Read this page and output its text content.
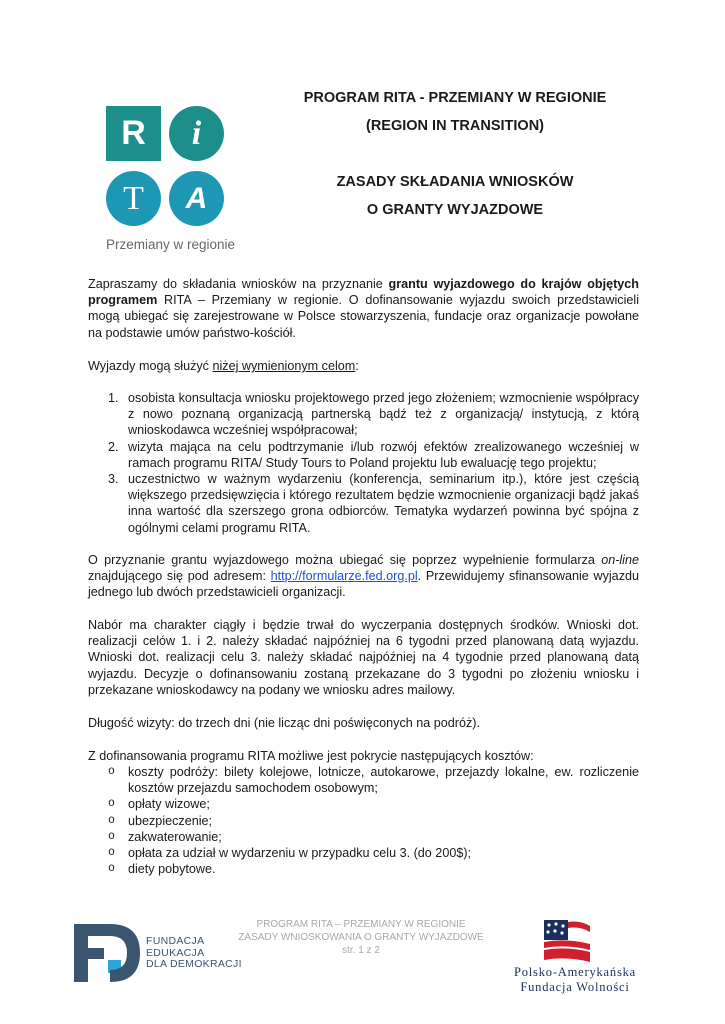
R	i
T	A
Przemiany w regionie
PROGRAM RITA - PRZEMIANY W REGIONIE
(REGION IN TRANSITION)
ZASADY SKŁADANIA WNIOSKÓW
O GRANTY WYJAZDOWE
Zapraszamy do składania wniosków na przyznanie grantu wyjazdowego do krajów objętych programem RITA – Przemiany w regionie. O dofinansowanie wyjazdu swoich przedstawicieli mogą ubiegać się zarejestrowane w Polsce stowarzyszenia, fundacje oraz organizacje powołane na podstawie umów państwo-kościół.
Wyjazdy mogą służyć niżej wymienionym celom:
1. osobista konsultacja wniosku projektowego przed jego złożeniem; wzmocnienie współpracy z nowo poznaną organizacją partnerską bądź też z organizacją/ instytucją, z którą wnioskodawca wcześniej współpracował;
2. wizyta mająca na celu podtrzymanie i/lub rozwój efektów zrealizowanego wcześniej w ramach programu RITA/ Study Tours to Poland projektu lub ewaluację tego projektu;
3. uczestnictwo w ważnym wydarzeniu (konferencja, seminarium itp.), które jest częścią większego przedsięwzięcia i którego rezultatem będzie wzmocnienie organizacji bądź jakaś inna wartość dla szerszego grona odbiorców. Tematyka wydarzeń powinna być spójna z ogólnymi celami programu RITA.
O przyznanie grantu wyjazdowego można ubiegać się poprzez wypełnienie formularza on-line znajdującego się pod adresem: http://formularze.fed.org.pl. Przewidujemy sfinansowanie wyjazdu jednego lub dwóch przedstawicieli organizacji.
Nabór ma charakter ciągły i będzie trwał do wyczerpania dostępnych środków. Wnioski dot. realizacji celów 1. i 2. należy składać najpóźniej na 6 tygodni przed planowaną datą wyjazdu. Wnioski dot. realizacji celu 3. należy składać najpóźniej na 4 tygodnie przed planowaną datą wyjazdu. Decyzje o dofinansowaniu zostaną przekazane do 3 tygodni po złożeniu wniosku i przekazane wnioskodawcy na podany we wniosku adres mailowy.
Długość wizyty: do trzech dni (nie licząc dni poświęconych na podróż).
Z dofinansowania programu RITA możliwe jest pokrycie następujących kosztów:
o koszty podróży: bilety kolejowe, lotnicze, autokarowe, przejazdy lokalne, ew. rozliczenie kosztów przejazdu samochodem osobowym;
o opłaty wizowe;
o ubezpieczenie;
o zakwaterowanie;
o opłata za udział w wydarzeniu w przypadku celu 3. (do 200$);
o diety pobytowe.
FUNDACJA
EDUKACJA
DLA DEMOKRACJI
PROGRAM RITA – PRZEMIANY W REGIONIE
ZASADY WNIOSKOWANIA O GRANTY WYJAZDOWE
str. 1 z 2
Polsko-Amerykańska
Fundacja Wolności
